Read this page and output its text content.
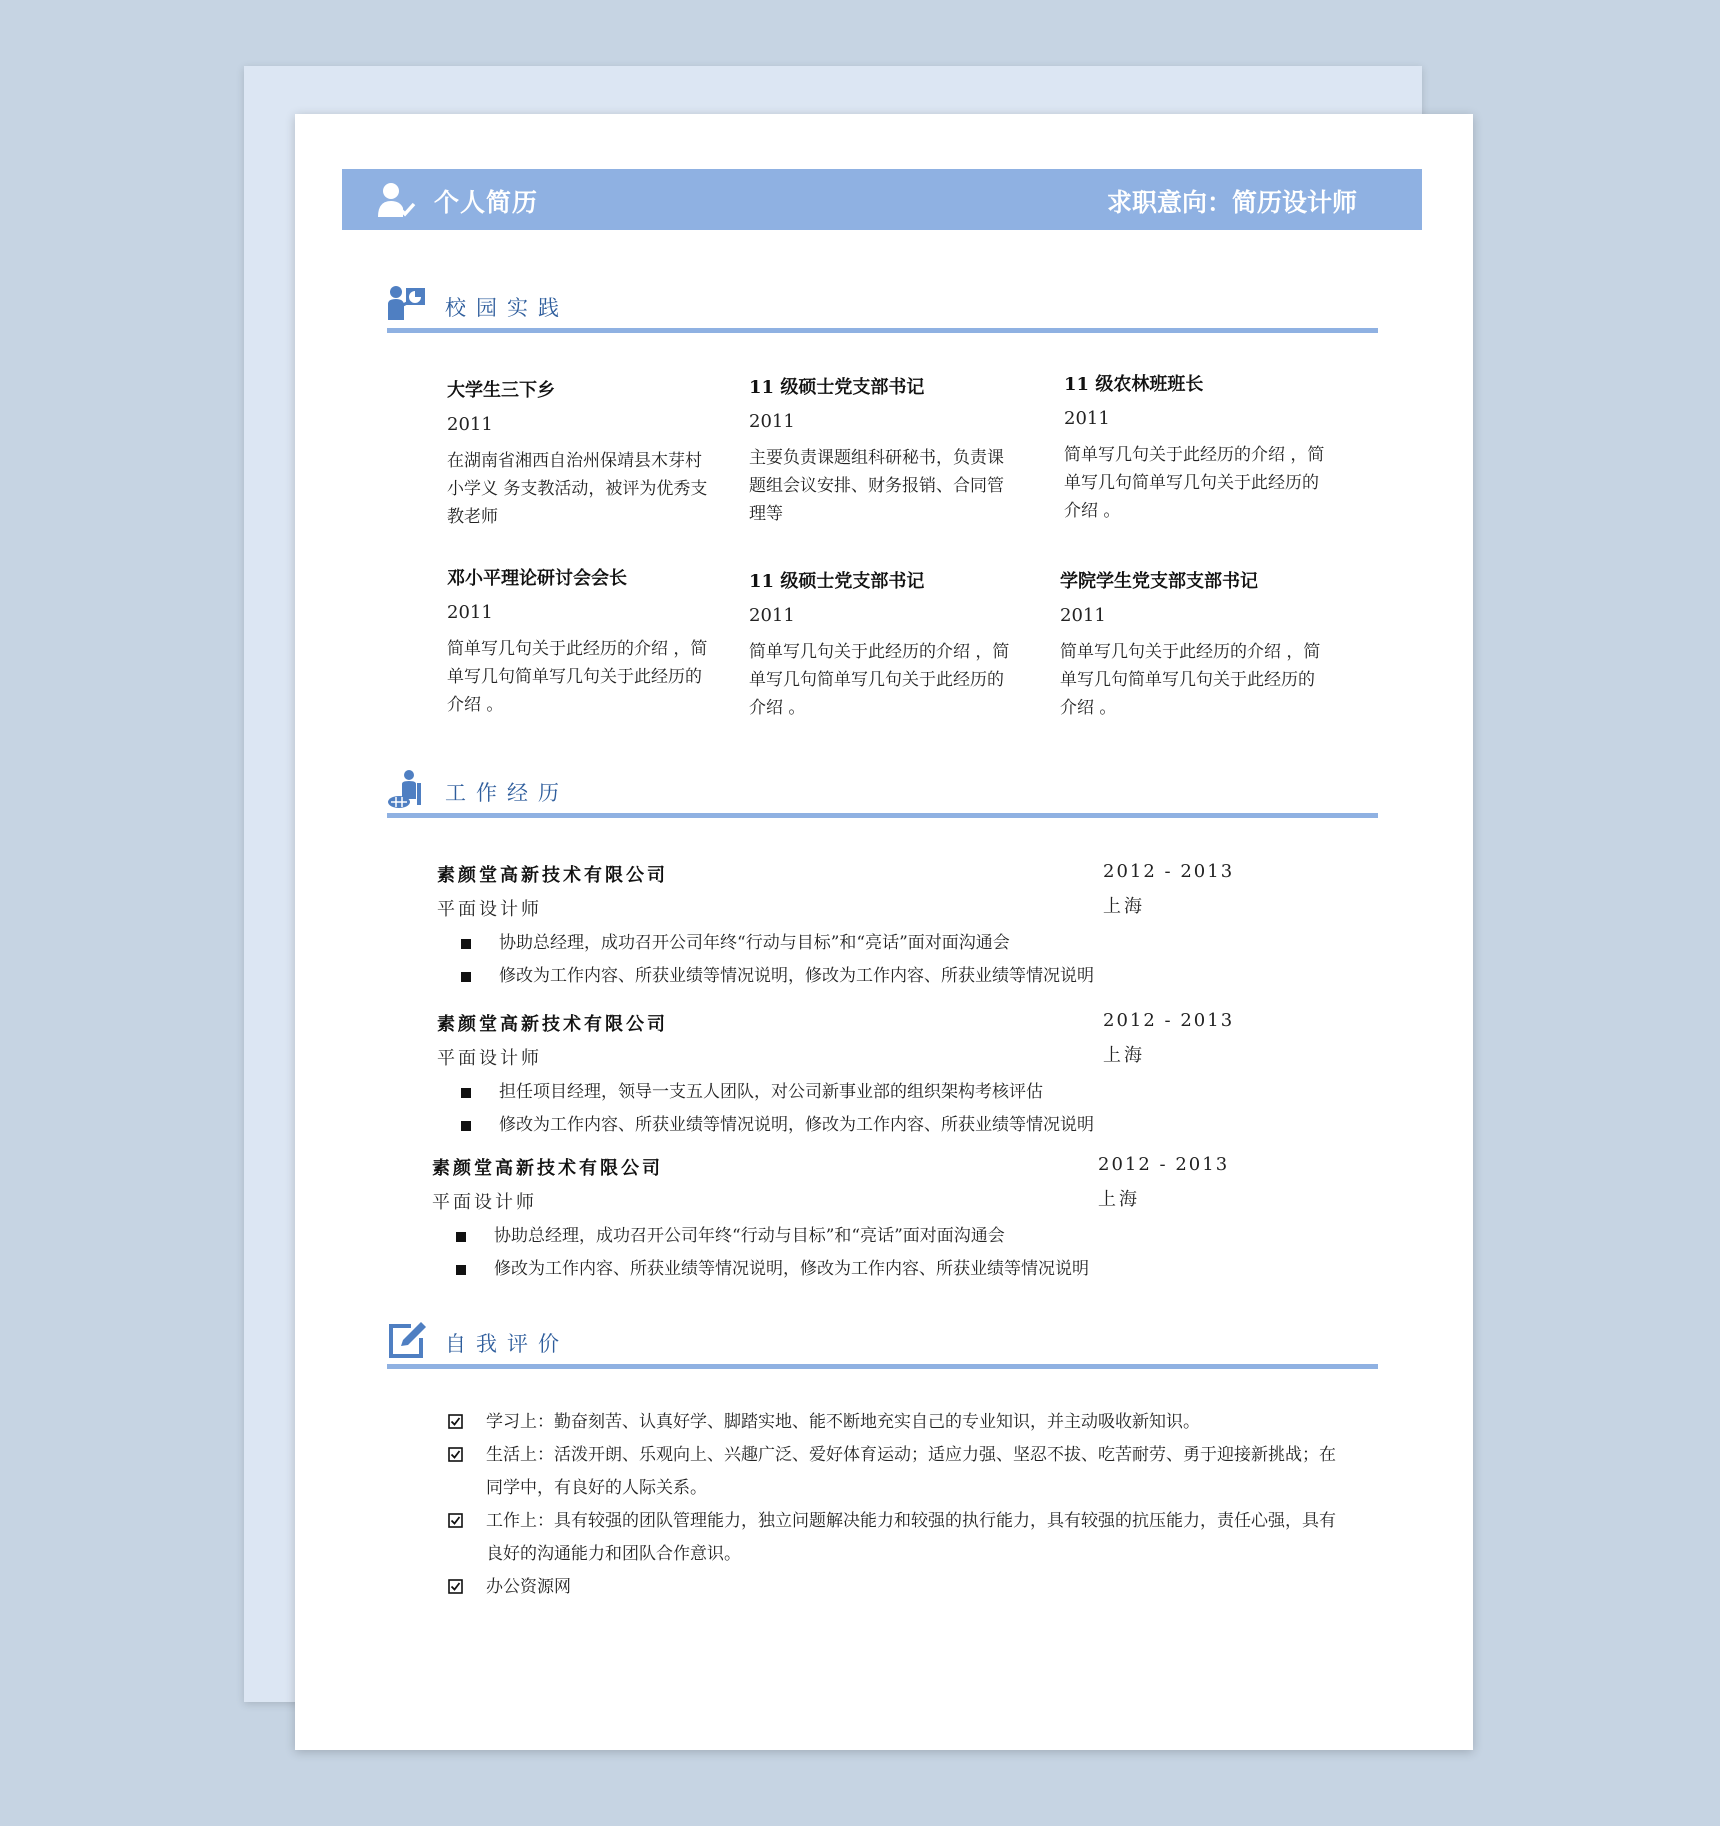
个人简历	求职意向：简历设计师
校园实践
大学生三下乡
2011
在湖南省湘西自治州保靖县木芽村小学义 务支教活动，被评为优秀支教老师
11 级硕士党支部书记
2011
主要负责课题组科研秘书，负责课题组会议安排、财务报销、合同管理等
11 级农林班班长
2011
简单写几句关于此经历的介绍 ，简单写几句简单写几句关于此经历的介绍 。
邓小平理论研讨会会长
2011
简单写几句关于此经历的介绍 ，简单写几句简单写几句关于此经历的介绍 。
11 级硕士党支部书记
2011
简单写几句关于此经历的介绍 ，简单写几句简单写几句关于此经历的介绍 。
学院学生党支部支部书记
2011
简单写几句关于此经历的介绍 ，简单写几句简单写几句关于此经历的介绍 。
工作经历
素颜堂高新技术有限公司	2012 - 2013
平面设计师	上海
协助总经理，成功召开公司年终“行动与目标”和“亮话”面对面沟通会
修改为工作内容、所获业绩等情况说明，修改为工作内容、所获业绩等情况说明
素颜堂高新技术有限公司	2012 - 2013
平面设计师	上海
担任项目经理，领导一支五人团队，对公司新事业部的组织架构考核评估
修改为工作内容、所获业绩等情况说明，修改为工作内容、所获业绩等情况说明
素颜堂高新技术有限公司	2012 - 2013
平面设计师	上海
协助总经理，成功召开公司年终“行动与目标”和“亮话”面对面沟通会
修改为工作内容、所获业绩等情况说明，修改为工作内容、所获业绩等情况说明
自我评价
学习上：勤奋刻苦、认真好学、脚踏实地、能不断地充实自己的专业知识，并主动吸收新知识。
生活上：活泼开朗、乐观向上、兴趣广泛、爱好体育运动；适应力强、坚忍不拔、吃苦耐劳、勇于迎接新挑战；在同学中，有良好的人际关系。
工作上：具有较强的团队管理能力，独立问题解决能力和较强的执行能力，具有较强的抗压能力，责任心强，具有良好的沟通能力和团队合作意识。
办公资源网
